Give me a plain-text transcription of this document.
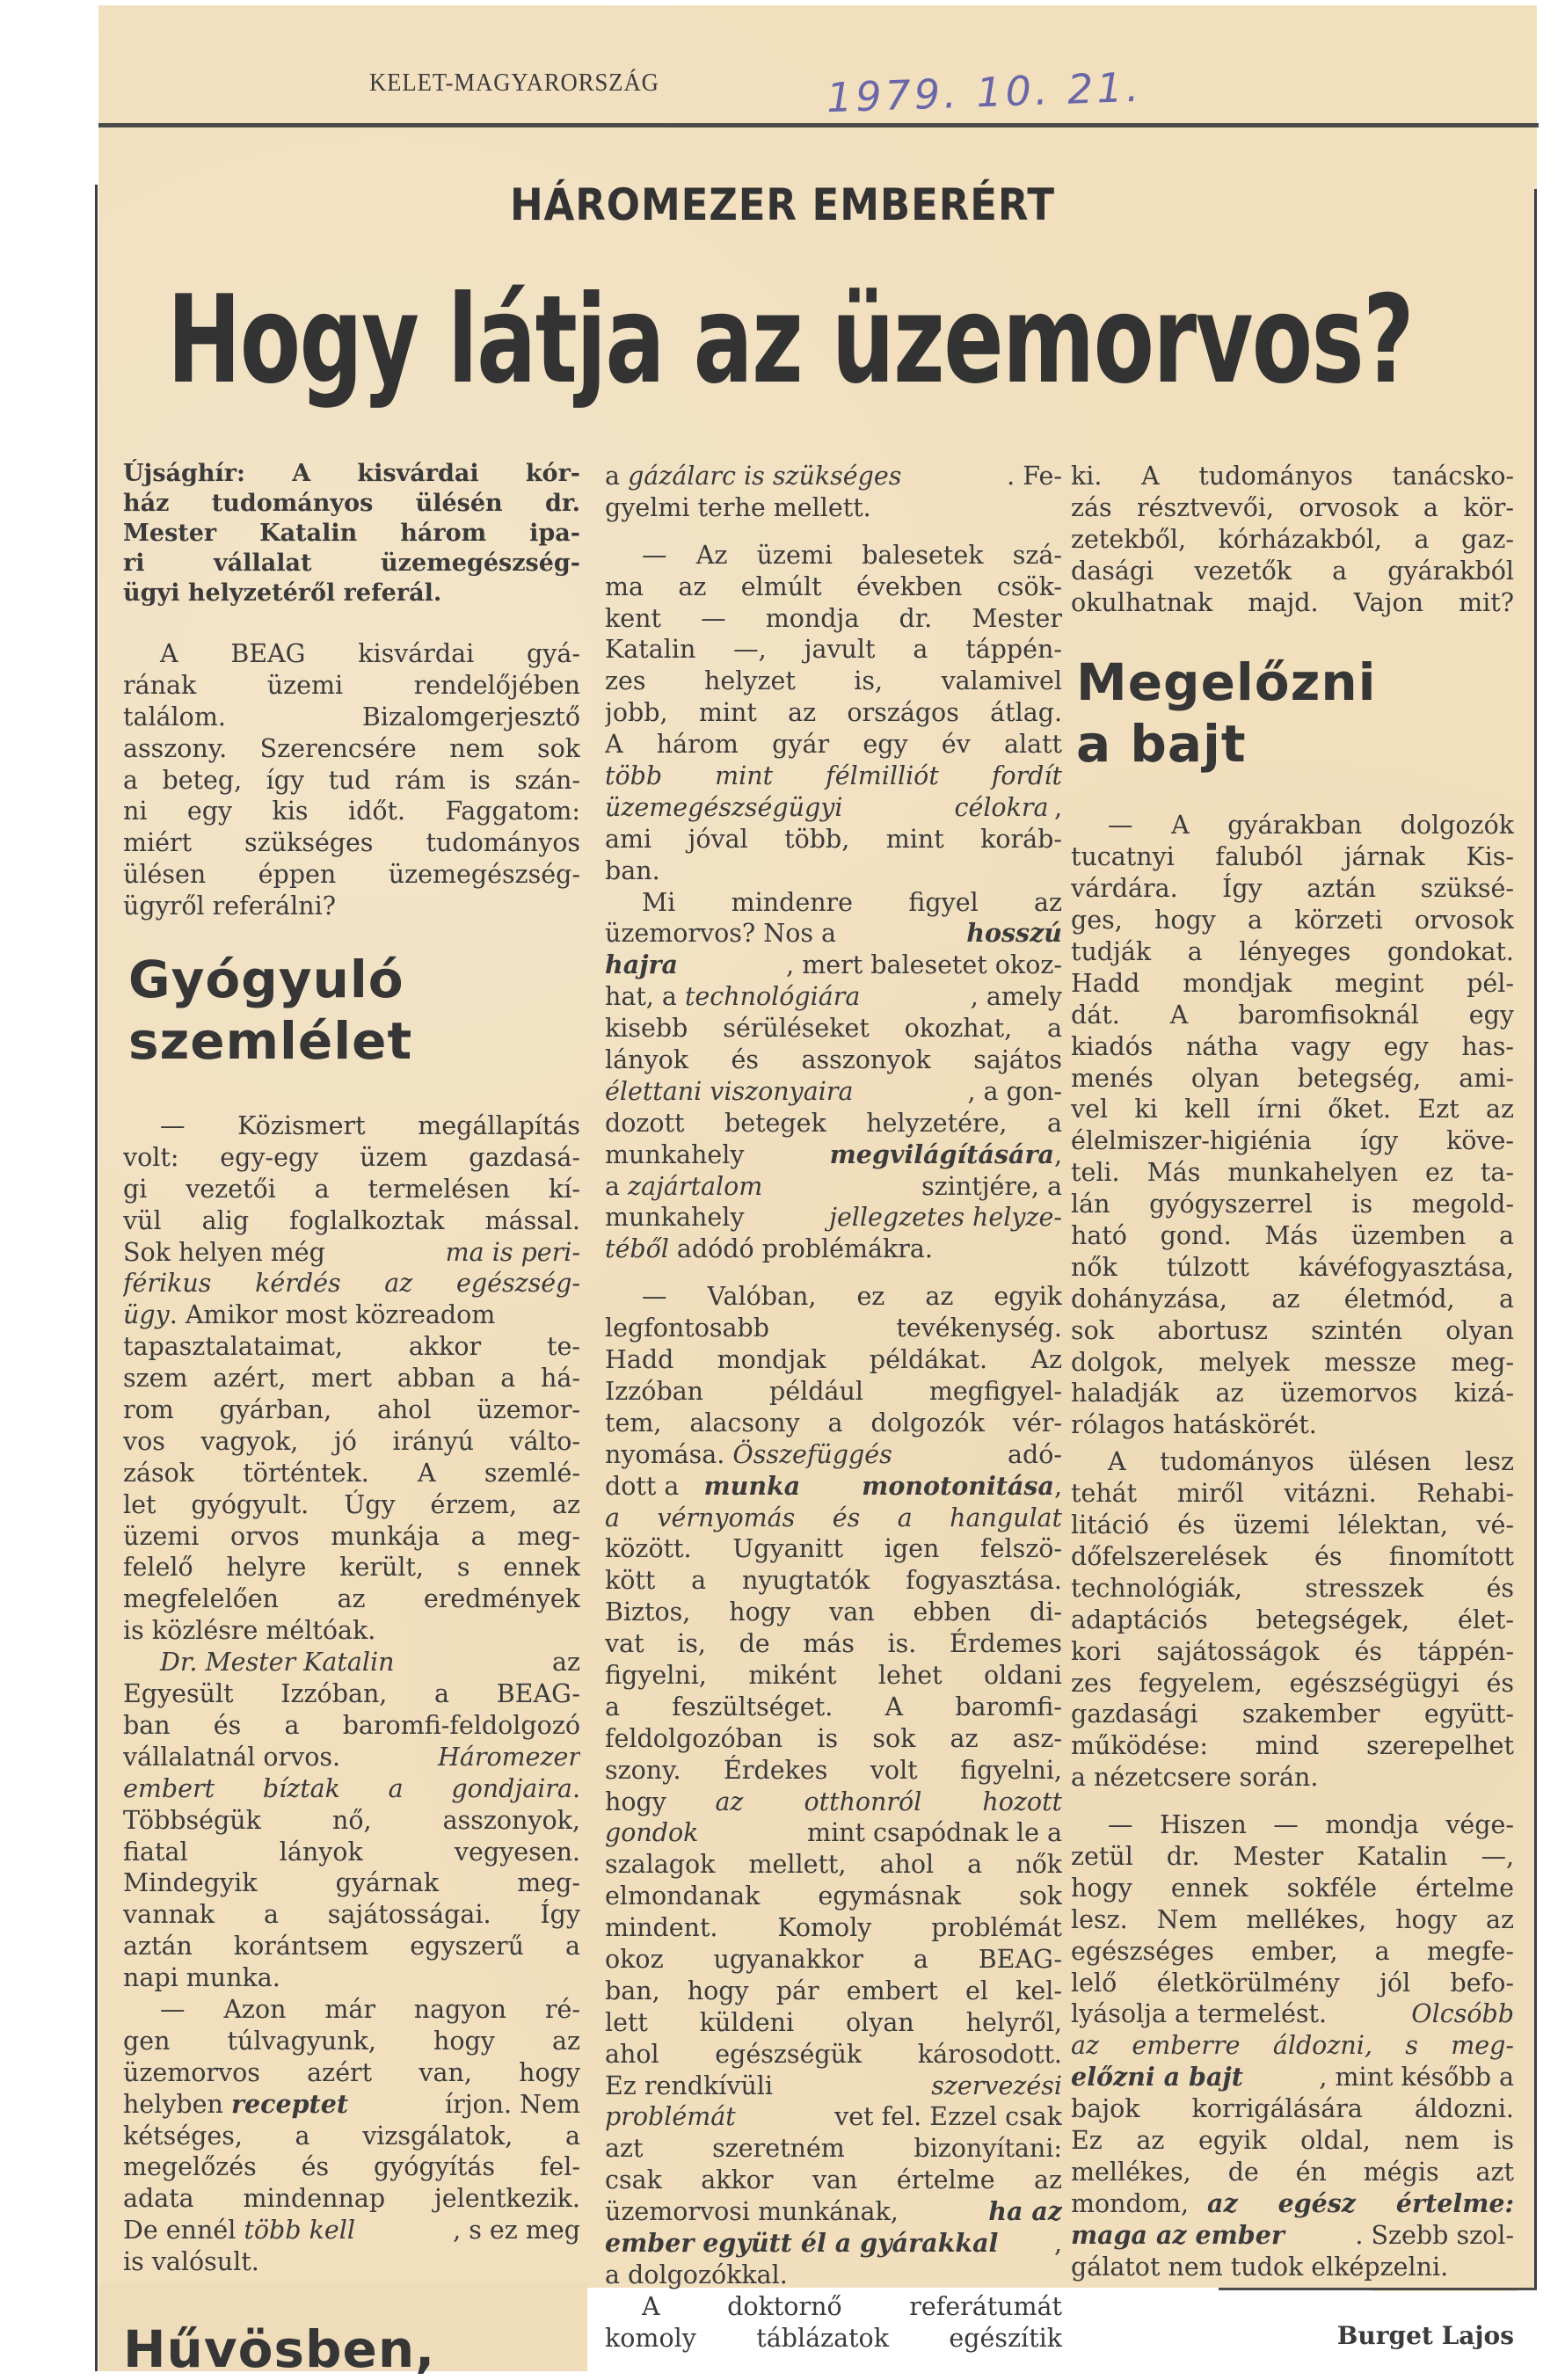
KELET-MAGYARORSZÁG	1979. 10. 21.
HÁROMEZER EMBERÉRT
Hogy látja az üzemorvos?
Újsághír: A kisvárdai kór-
ház tudományos ülésén dr.
Mester Katalin három ipa-
ri vállalat üzemegészség-
ügyi helyzetéről referál.
A BEAG kisvárdai gyá-
rának üzemi rendelőjében
találom. Bizalomgerjesztő
asszony. Szerencsére nem sok
a beteg, így tud rám is szán-
ni egy kis időt. Faggatom:
miért szükséges tudományos
ülésen éppen üzemegészség-
ügyről referálni?
Gyógyuló
szemlélet
— Közismert megállapítás
volt: egy-egy üzem gazdasá-
gi vezetői a termelésen kí-
vül alig foglalkoztak mással.
Sok helyen még	ma is peri-
férikus kérdés az egészség-
ügy. Amikor most közreadom
tapasztalataimat, akkor te-
szem azért, mert abban a há-
rom gyárban, ahol üzemor-
vos vagyok, jó irányú válto-
zások történtek. A szemlé-
let gyógyult. Úgy érzem, az
üzemi orvos munkája a meg-
felelő helyre került, s ennek
megfelelően az eredmények
is közlésre méltóak.
Dr. Mester Katalin	az
Egyesült Izzóban, a BEAG-
ban és a baromfi-feldolgozó
vállalatnál orvos.	Háromezer
embert bíztak a gondjaira .
Többségük nő, asszonyok,
fiatal lányok vegyesen.
Mindegyik gyárnak meg-
vannak a sajátosságai. Így
aztán korántsem egyszerű a
napi munka.
— Azon már nagyon ré-
gen túlvagyunk, hogy az
üzemorvos azért van, hogy
helyben receptet	írjon. Nem
kétséges, a vizsgálatok, a
megelőzés és gyógyítás fel-
adata mindennap jelentkezik.
De ennél több kell	, s ez meg
is valósult.
Hűvösben,
a gázálarc is szükséges	. Fe-
gyelmi terhe mellett.
— Az üzemi balesetek szá-
ma az elmúlt években csök-
kent — mondja dr. Mester
Katalin —, javult a táppén-
zes helyzet is, valamivel
jobb, mint az országos átlag.
A három gyár egy év alatt
több mint félmilliót fordít
üzemegészségügyi célokra ,
ami jóval több, mint koráb-
ban.
Mi mindenre figyel az
üzemorvos? Nos a	hosszú
hajra	, mert balesetet okoz-
hat, a technológiára	, amely
kisebb sérüléseket okozhat, a
lányok és asszonyok sajátos
élettani viszonyaira	, a gon-
dozott betegek helyzetére, a
munkahely	megvilágítására,
a zajártalom	szintjére, a
munkahely	jellegzetes helyze-
téből adódó problémákra.
— Valóban, ez az egyik
legfontosabb tevékenység.
Hadd mondjak példákat. Az
Izzóban például megfigyel-
tem, alacsony a dolgozók vér-
nyomása. Összefüggés	adó-
dott a munka monotonitása,
a vérnyomás és a hangulat
között. Ugyanitt igen felszö-
kött a nyugtatók fogyasztása.
Biztos, hogy van ebben di-
vat is, de más is. Érdemes
figyelni, miként lehet oldani
a feszültséget. A baromfi-
feldolgozóban is sok az asz-
szony. Érdekes volt figyelni,
hogy az otthonról hozott
gondok	mint csapódnak le a
szalagok mellett, ahol a nők
elmondanak egymásnak sok
mindent. Komoly problémát
okoz ugyanakkor a BEAG-
ban, hogy pár embert el kel-
lett küldeni olyan helyről,
ahol egészségük károsodott.
Ez rendkívüli	szervezési
problémát	vet fel. Ezzel csak
azt szeretném bizonyítani:
csak akkor van értelme az
üzemorvosi munkának,	ha az
ember együtt él a gyárakkal ,
a dolgozókkal.
A doktornő referátumát
komoly táblázatok egészítik
ki. A tudományos tanácsko-
zás résztvevői, orvosok a kör-
zetekből, kórházakból, a gaz-
dasági vezetők a gyárakból
okulhatnak majd. Vajon mit?
Megelőzni
a bajt
— A gyárakban dolgozók
tucatnyi faluból járnak Kis-
várdára. Így aztán szüksé-
ges, hogy a körzeti orvosok
tudják a lényeges gondokat.
Hadd mondjak megint pél-
dát. A baromfisoknál egy
kiadós nátha vagy egy has-
menés olyan betegség, ami-
vel ki kell írni őket. Ezt az
élelmiszer-higiénia így köve-
teli. Más munkahelyen ez ta-
lán gyógyszerrel is megold-
ható gond. Más üzemben a
nők túlzott kávéfogyasztása,
dohányzása, az életmód, a
sok abortusz szintén olyan
dolgok, melyek messze meg-
haladják az üzemorvos kizá-
rólagos hatáskörét.
A tudományos ülésen lesz
tehát miről vitázni. Rehabi-
litáció és üzemi lélektan, vé-
dőfelszerelések és finomított
technológiák, stresszek és
adaptációs betegségek, élet-
kori sajátosságok és táppén-
zes fegyelem, egészségügyi és
gazdasági szakember együtt-
működése: mind szerepelhet
a nézetcsere során.
— Hiszen — mondja vége-
zetül dr. Mester Katalin —,
hogy ennek sokféle értelme
lesz. Nem mellékes, hogy az
egészséges ember, a megfe-
lelő életkörülmény jól befo-
lyásolja a termelést.	Olcsóbb
az emberre áldozni, s meg-
előzni a bajt	, mint később a
bajok korrigálására áldozni.
Ez az egyik oldal, nem is
mellékes, de én mégis azt
mondom, az egész értelme:
maga az ember	. Szebb szol-
gálatot nem tudok elképzelni.
Burget Lajos
